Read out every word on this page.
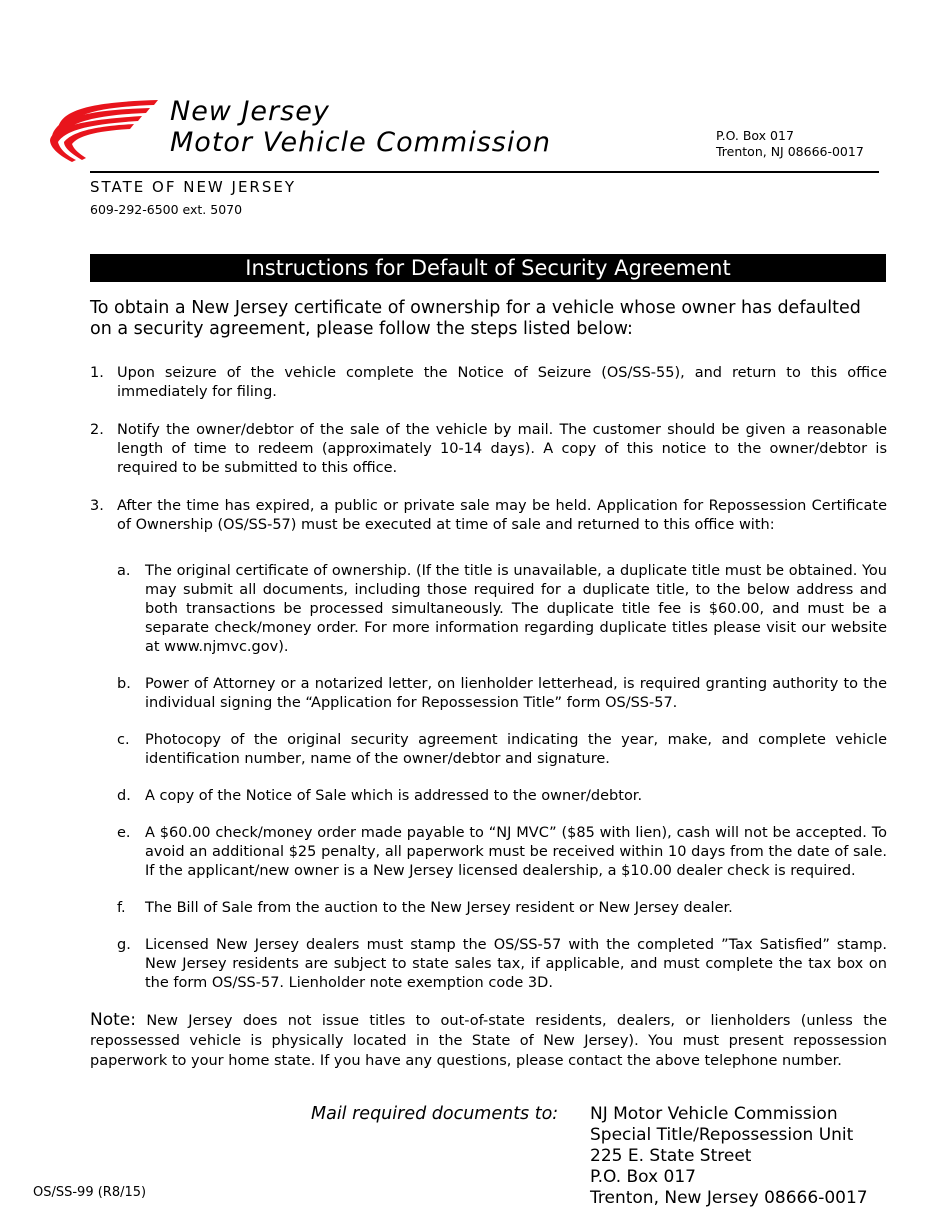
New Jersey
Motor Vehicle Commission	P.O. Box 017
Trenton, NJ 08666-0017
STATE OF NEW JERSEY
609-292-6500 ext. 5070
Instructions for Default of Security Agreement
To obtain a New Jersey certificate of ownership for a vehicle whose owner has defaulted on a security agreement, please follow the steps listed below:
1. Upon seizure of the vehicle complete the Notice of Seizure (OS/SS-55), and return to this office immediately for filing.
2. Notify the owner/debtor of the sale of the vehicle by mail. The customer should be given a reasonable length of time to redeem (approximately 10-14 days). A copy of this notice to the owner/debtor is required to be submitted to this office.
3. After the time has expired, a public or private sale may be held. Application for Repossession Certificate of Ownership (OS/SS-57) must be executed at time of sale and returned to this office with:
a. The original certificate of ownership. (If the title is unavailable, a duplicate title must be obtained. You may submit all documents, including those required for a duplicate title, to the below address and both transactions be processed simultaneously. The duplicate title fee is $60.00, and must be a separate check/money order. For more information regarding duplicate titles please visit our website at www.njmvc.gov).
b. Power of Attorney or a notarized letter, on lienholder letterhead, is required granting authority to the individual signing the “Application for Repossession Title” form OS/SS-57.
c. Photocopy of the original security agreement indicating the year, make, and complete vehicle identification number, name of the owner/debtor and signature.
d. A copy of the Notice of Sale which is addressed to the owner/debtor.
e. A $60.00 check/money order made payable to “NJ MVC” ($85 with lien), cash will not be accepted. To avoid an additional $25 penalty, all paperwork must be received within 10 days from the date of sale. If the applicant/new owner is a New Jersey licensed dealership, a $10.00 dealer check is required.
f. The Bill of Sale from the auction to the New Jersey resident or New Jersey dealer.
g. Licensed New Jersey dealers must stamp the OS/SS-57 with the completed ”Tax Satisfied” stamp. New Jersey residents are subject to state sales tax, if applicable, and must complete the tax box on the form OS/SS-57. Lienholder note exemption code 3D.
Note: New Jersey does not issue titles to out-of-state residents, dealers, or lienholders (unless the repossessed vehicle is physically located in the State of New Jersey). You must present repossession paperwork to your home state. If you have any questions, please contact the above telephone number.
Mail required documents to: NJ Motor Vehicle Commission
Special Title/Repossession Unit
225 E. State Street
P.O. Box 017
Trenton, New Jersey 08666-0017
OS/SS-99 (R8/15)
